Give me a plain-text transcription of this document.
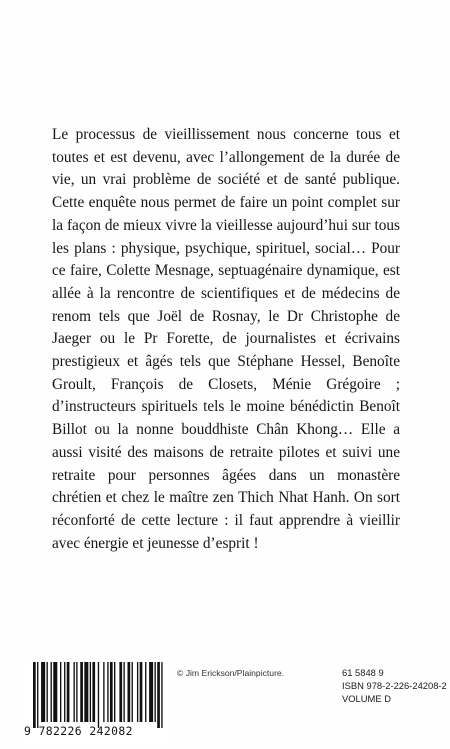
Le processus de vieillissement nous concerne tous et toutes et est devenu, avec l’allongement de la durée de vie, un vrai problème de société et de santé publique. Cette enquête nous permet de faire un point complet sur la façon de mieux vivre la vieillesse aujourd’hui sur tous les plans : physique, psychique, spirituel, social… Pour ce faire, Colette Mesnage, septuagénaire dynamique, est allée à la rencontre de scientifiques et de médecins de renom tels que Joël de Rosnay, le Dr Christophe de Jaeger ou le Pr Forette, de journalistes et écrivains prestigieux et âgés tels que Stéphane Hessel, Benoîte Groult, François de Closets, Ménie Grégoire ; d’instructeurs spirituels tels le moine bénédictin Benoît Billot ou la nonne bouddhiste Chân Khong… Elle a aussi visité des maisons de retraite pilotes et suivi une retraite pour personnes âgées dans un monastère chrétien et chez le maître zen Thich Nhat Hanh. On sort réconforté de cette lecture : il faut apprendre à vieillir avec énergie et jeunesse d’esprit !

9 782226 242082
© Jim Erickson/Plainpicture.	61 5848 9
ISBN 978-2-226-24208-2
VOLUME D
